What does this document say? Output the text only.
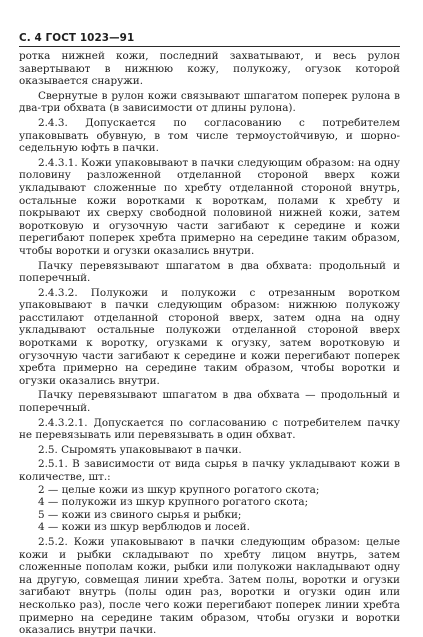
С. 4 ГОСТ 1023—91

ротка нижней кожи, последний захватывают, и весь рулон завертывают в нижнюю кожу, полукожу, огузок которой оказывается снаружи.

Свернутые в рулон кожи связывают шпагатом поперек рулона в два-три обхвата (в зависимости от длины рулона).

2.4.3. Допускается по согласованию с потребителем упаковывать обувную, в том числе термоустойчивую, и шорно-седельную юфть в пачки.

2.4.3.1. Кожи упаковывают в пачки следующим образом: на одну половину разложенной отделанной стороной вверх кожи укладывают сложенные по хребту отделанной стороной внутрь, остальные кожи воротками к вороткам, полами к хребту и покрывают их сверху свободной половиной нижней кожи, затем воротковую и огузочную части загибают к середине и кожи перегибают поперек хребта примерно на середине таким образом, чтобы воротки и огузки оказались внутри.

Пачку перевязывают шпагатом в два обхвата: продольный и поперечный.

2.4.3.2. Полукожи и полукожи с отрезанным воротком упаковывают в пачки следующим образом: нижнюю полукожу расстилают отделанной стороной вверх, затем одна на одну укладывают остальные полукожи отделанной стороной вверх воротками к воротку, огузками к огузку, затем воротковую и огузочную части загибают к середине и кожи перегибают поперек хребта примерно на середине таким образом, чтобы воротки и огузки оказались внутри.

Пачку перевязывают шпагатом в два обхвата — продольный и поперечный.

2.4.3.2.1. Допускается по согласованию с потребителем пачку не перевязывать или перевязывать в один обхват.

2.5. Сыромять упаковывают в пачки.

2.5.1. В зависимости от вида сырья в пачку укладывают кожи в количестве, шт.:

2 — целые кожи из шкур крупного рогатого скота;
4 — полукожи из шкур крупного рогатого скота;
5 — кожи из свиного сырья и рыбки;
4 — кожи из шкур верблюдов и лосей.

2.5.2. Кожи упаковывают в пачки следующим образом: целые кожи и рыбки складывают по хребту лицом внутрь, затем сложенные пополам кожи, рыбки или полукожи накладывают одну на другую, совмещая линии хребта. Затем полы, воротки и огузки загибают внутрь (полы один раз, воротки и огузки один или несколько раз), после чего кожи перегибают поперек линии хребта примерно на середине таким образом, чтобы огузки и воротки оказались внутри пачки.
